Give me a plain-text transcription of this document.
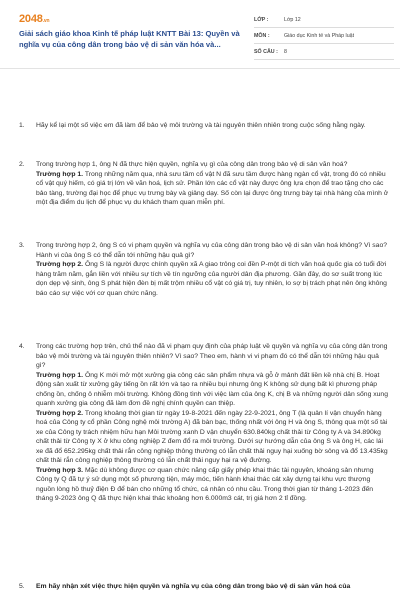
2048.vn
Giải sách giáo khoa Kinh tế pháp luật KNTT Bài 13: Quyền và nghĩa vụ của công dân trong bảo vệ di sản văn hóa và...
LỚP :	Lớp 12
MÔN :	Giáo dục Kinh tế và Pháp luật
SỐ CÂU :	8
1. Hãy kể lại một số việc em đã làm để bảo vệ môi trường và tài nguyên thiên nhiên trong cuộc sống hằng ngày.
2. Trong trường hợp 1, ông N đã thực hiện quyền, nghĩa vụ gì của công dân trong bảo vệ di sản văn hoá?
Trường hợp 1. Trong những năm qua, nhà sưu tầm cổ vật N đã sưu tầm được hàng ngàn cổ vật, trong đó có nhiều cổ vật quý hiếm, có giá trị lớn về văn hoá, lịch sử. Phần lớn các cổ vật này được ông lựa chọn để trao tặng cho các bảo tàng, trường đại học để phục vụ trưng bày và giảng dạy. Số còn lại được ông trưng bày tại nhà hàng của mình ở một địa điểm du lịch để phục vụ du khách tham quan miễn phí.
3. Trong trường hợp 2, ông S có vi phạm quyền và nghĩa vụ của công dân trong bảo vệ di sản văn hoá không? Vì sao? Hành vi của ông S có thể dẫn tới những hậu quả gì?
Trường hợp 2. Ông S là người được chính quyền xã A giao trông coi đền P-một di tích văn hoá quốc gia có tuổi đời hàng trăm năm, gắn liền với nhiều sự tích về tín ngưỡng của người dân địa phương. Gần đây, do sơ suất trong lúc dọn dẹp vệ sinh, ông S phát hiện đèn bị mất trộm nhiều cổ vật có giá trị, tuy nhiên, lo sợ bị trách phạt nên ông không báo cáo sự việc với cơ quan chức năng.
4. Trong các trường hợp trên, chủ thể nào đã vi phạm quy định của pháp luật về quyền và nghĩa vụ của công dân trong bảo vệ môi trường và tài nguyên thiên nhiên? Vì sao? Theo em, hành vi vi phạm đó có thể dẫn tới những hậu quả gì?
Trường hợp 1. Ông K mới mở một xưởng gia công các sản phẩm nhựa và gỗ ở mảnh đất liền kề nhà chị B. Hoạt động sản xuất từ xưởng gây tiếng ồn rất lớn và tạo ra nhiều bụi nhưng ông K không sử dụng bất kì phương pháp chống ồn, chống ô nhiễm môi trường. Không đồng tình với việc làm của ông K, chị B và những người dân sống xung quanh xưởng gia công đã làm đơn đề nghị chính quyền can thiệp.
Trường hợp 2. Trong khoảng thời gian từ ngày 19-8-2021 đến ngày 22-9-2021, ông T (là quản lí vận chuyển hàng hoá của Công ty cổ phần Công nghệ môi trường A) đã bàn bạc, thống nhất với ông H và ông S, thông qua một số tài xe của Công ty trách nhiệm hữu hạn Môi trường xanh D vận chuyển 630.840kg chất thải từ Công ty A và 34.890kg chất thải từ Công ty X ở khu công nghiệp Z đem đổ ra môi trường. Dưới sự hướng dẫn của ông S và ông H, các lái xe đã đổ 652.295kg chất thải rắn công nghiệp thông thường có lẫn chất thải nguy hại xuống bờ sông và đổ 13.435kg chất thải rắn công nghiệp thông thường có lẫn chất thải nguy hại ra vệ đường.
Trường hợp 3. Mặc dù không được cơ quan chức năng cấp giấy phép khai thác tài nguyên, khoáng sản nhưng Công ty Q đã tự ý sử dụng một số phương tiện, máy móc, tiến hành khai thác cát xây dựng tại khu vực thượng nguồn lòng hồ thuỷ điện Đ để bán cho những tổ chức, cá nhân có nhu cầu. Trong thời gian từ tháng 1-2023 đến tháng 9-2023 ông Q đã thực hiện khai thác khoảng hơn 6.000m3 cát, trị giá hơn 2 tỉ đồng.
5. Em hãy nhận xét việc thực hiện quyền và nghĩa vụ của công dân trong bảo vệ di sản văn hoá của
